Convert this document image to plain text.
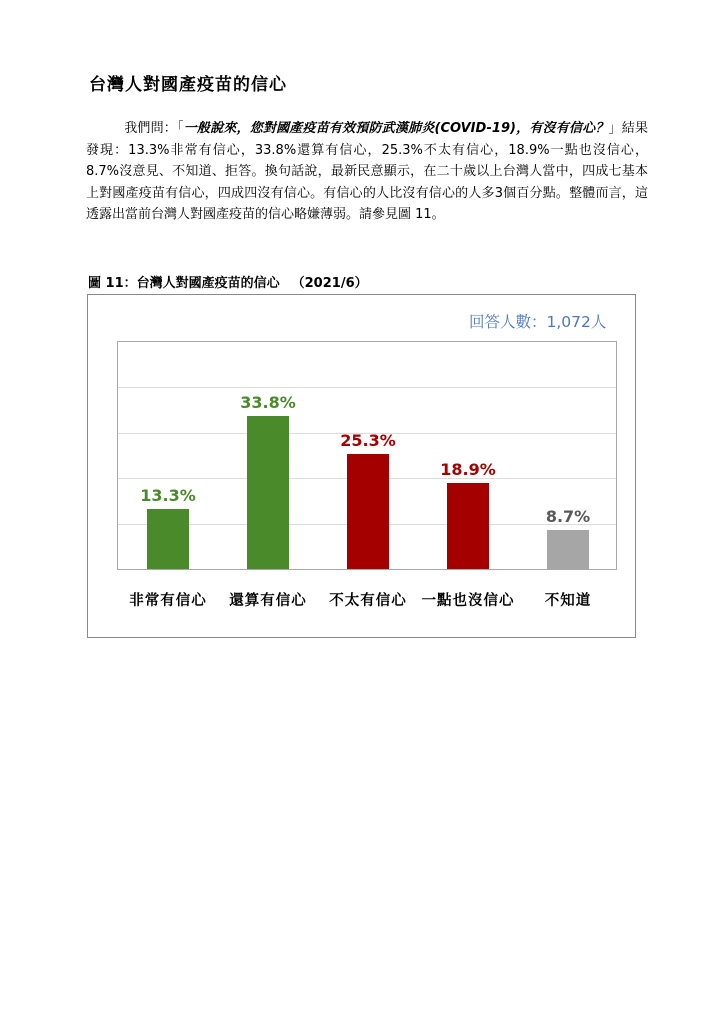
台灣人對國產疫苗的信心

我們問：「一般說來，您對國產疫苗有效預防武漢肺炎(COVID-19)，有沒有信心？」結果發現：13.3%非常有信心，33.8%還算有信心，25.3%不太有信心，18.9%一點也沒信心，8.7%沒意見、不知道、拒答。換句話說，最新民意顯示，在二十歲以上台灣人當中，四成七基本上對國產疫苗有信心，四成四沒有信心。有信心的人比沒有信心的人多3個百分點。整體而言，這透露出當前台灣人對國產疫苗的信心略嫌薄弱。請參見圖 11。

圖 11：台灣人對國產疫苗的信心 （2021/6）

回答人數：1,072人

13.3%

非常有信心

33.8%

還算有信心

25.3%

不太有信心

18.9%

一點也沒信心

8.7%

不知道
